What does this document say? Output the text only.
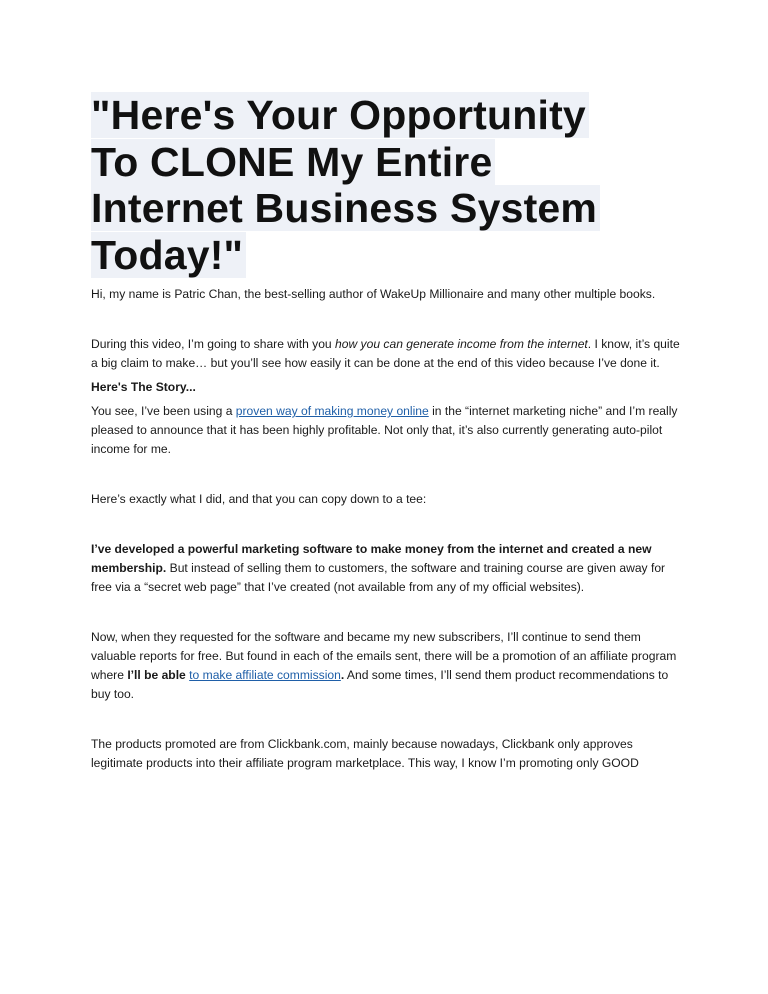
"Here's Your Opportunity
To CLONE My Entire
Internet Business System
Today!"

Hi, my name is Patric Chan, the best-selling author of WakeUp Millionaire and many other multiple books.

During this video, I’m going to share with you how you can generate income from the internet. I know, it’s quite a big claim to make… but you’ll see how easily it can be done at the end of this video because I’ve done it.

Here's The Story...

You see, I’ve been using a proven way of making money online in the “internet marketing niche” and I’m really pleased to announce that it has been highly profitable. Not only that, it’s also currently generating auto-pilot income for me.

Here’s exactly what I did, and that you can copy down to a tee:

I’ve developed a powerful marketing software to make money from the internet and created a new membership. But instead of selling them to customers, the software and training course are given away for free via a “secret web page” that I’ve created (not available from any of my official websites).

Now, when they requested for the software and became my new subscribers, I’ll continue to send them valuable reports for free. But found in each of the emails sent, there will be a promotion of an affiliate program where I’ll be able to make affiliate commission. And some times, I’ll send them product recommendations to buy too.

The products promoted are from Clickbank.com, mainly because nowadays, Clickbank only approves legitimate products into their affiliate program marketplace. This way, I know I’m promoting only GOOD
